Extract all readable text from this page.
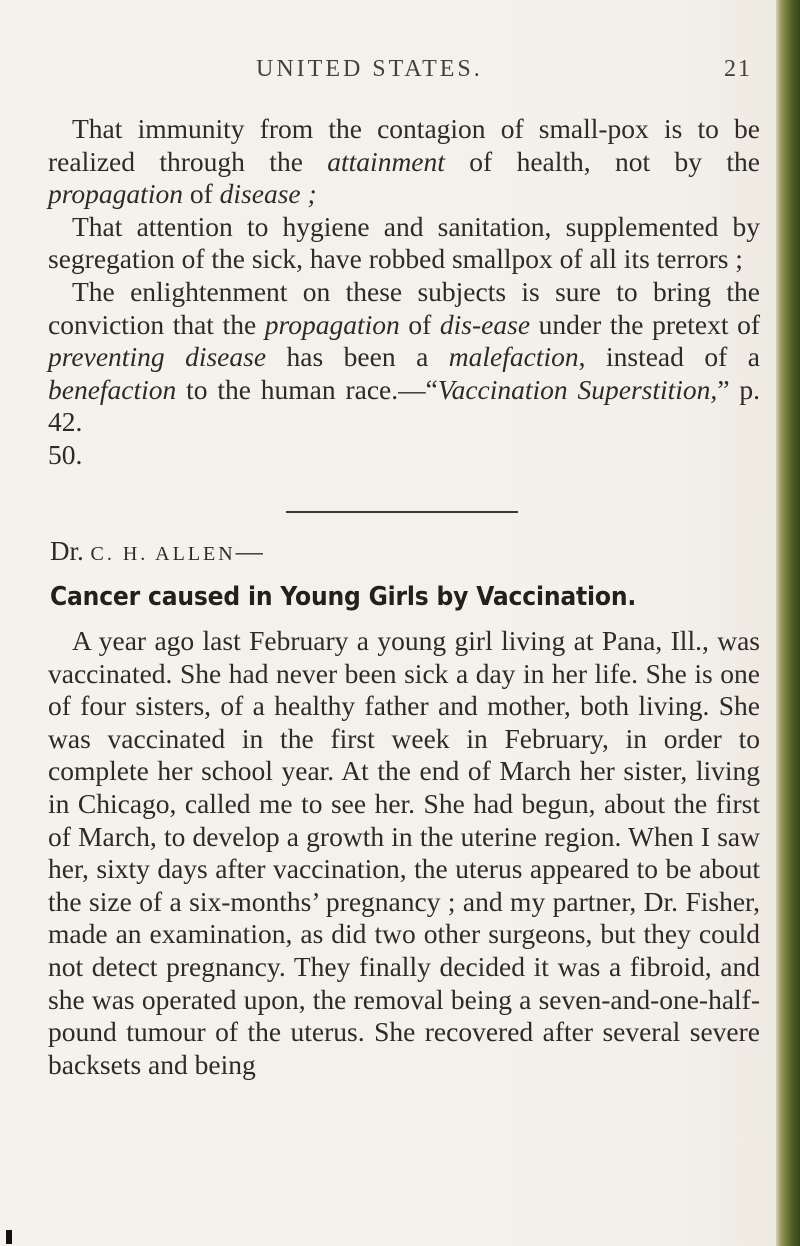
UNITED STATES.	21

That immunity from the contagion of small-pox is to be realized through the attainment of health, not by the propagation of disease ;

That attention to hygiene and sanitation, supplemented by segregation of the sick, have robbed smallpox of all its terrors ;

The enlightenment on these subjects is sure to bring the conviction that the propagation of dis-ease under the pretext of preventing disease has been a malefaction, instead of a benefaction to the human race.—“Vaccination Superstition,” p. 42.

50.

Dr. C. H. ALLEN—
Cancer caused in Young Girls by Vaccination.

A year ago last February a young girl living at Pana, Ill., was vaccinated. She had never been sick a day in her life. She is one of four sisters, of a healthy father and mother, both living. She was vaccinated in the first week in February, in order to complete her school year. At the end of March her sister, living in Chicago, called me to see her. She had begun, about the first of March, to develop a growth in the uterine region. When I saw her, sixty days after vaccination, the uterus appeared to be about the size of a six-months’ pregnancy ; and my partner, Dr. Fisher, made an examination, as did two other surgeons, but they could not detect pregnancy. They finally decided it was a fibroid, and she was operated upon, the removal being a seven-and-one-half-pound tumour of the uterus. She recovered after several severe backsets and being
